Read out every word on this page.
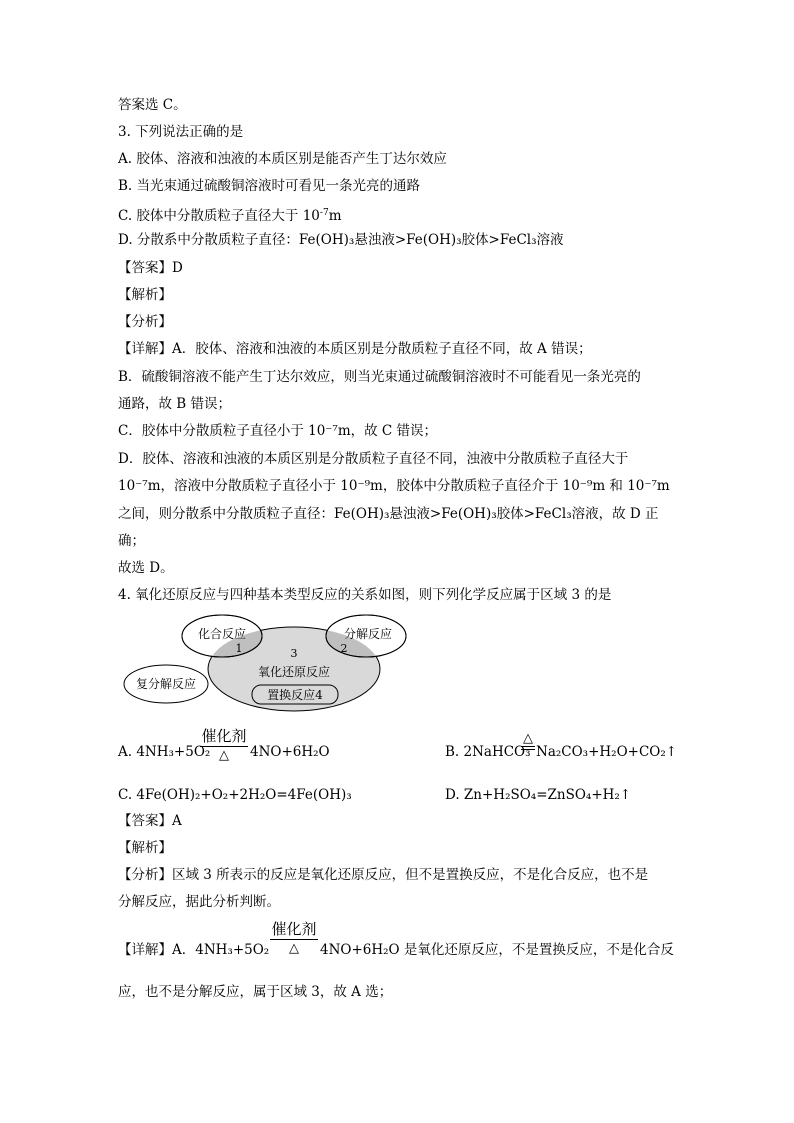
答案选 C。
3. 下列说法正确的是
A. 胶体、溶液和浊液的本质区别是能否产生丁达尔效应
B. 当光束通过硫酸铜溶液时可看见一条光亮的通路
C. 胶体中分散质粒子直径大于 $10^{-7}m$
D. 分散系中分散质粒子直径：Fe(OH)₃悬浊液>Fe(OH)₃胶体>FeCl₃溶液
【答案】D
【解析】
【分析】
【详解】A．胶体、溶液和浊液的本质区别是分散质粒子直径不同，故 A 错误；
B．硫酸铜溶液不能产生丁达尔效应，则当光束通过硫酸铜溶液时不可能看见一条光亮的
通路，故 B 错误；
C．胶体中分散质粒子直径小于 10⁻⁷m，故 C 错误；
D．胶体、溶液和浊液的本质区别是分散质粒子直径不同，浊液中分散质粒子直径大于
10⁻⁷m，溶液中分散质粒子直径小于 10⁻⁹m，胶体中分散质粒子直径介于 10⁻⁹m 和 10⁻⁷m
之间，则分散系中分散质粒子直径：Fe(OH)₃悬浊液>Fe(OH)₃胶体>FeCl₃溶液，故 D 正
确；
故选 D。
4. 氧化还原反应与四种基本类型反应的关系如图，则下列化学反应属于区域 3 的是
化合反应	分解反应
复分解反应
氧化还原反应
置换反应4
1	2
3
A. 4NH₃+5O₂
催化剂
△	4NO+6H₂O	B. 2NaHCO₃
△
Na₂CO₃+H₂O+CO₂↑
C. 4Fe(OH)₂+O₂+2H₂O=4Fe(OH)₃	D. Zn+H₂SO₄=ZnSO₄+H₂↑
【答案】A
【解析】
【分析】区域 3 所表示的反应是氧化还原反应，但不是置换反应，不是化合反应，也不是
分解反应，据此分析判断。
【详解】A．4NH₃+5O₂
催化剂
△	4NO+6H₂O 是氧化还原反应，不是置换反应，不是化合反
应，也不是分解反应，属于区域 3，故 A 选；
